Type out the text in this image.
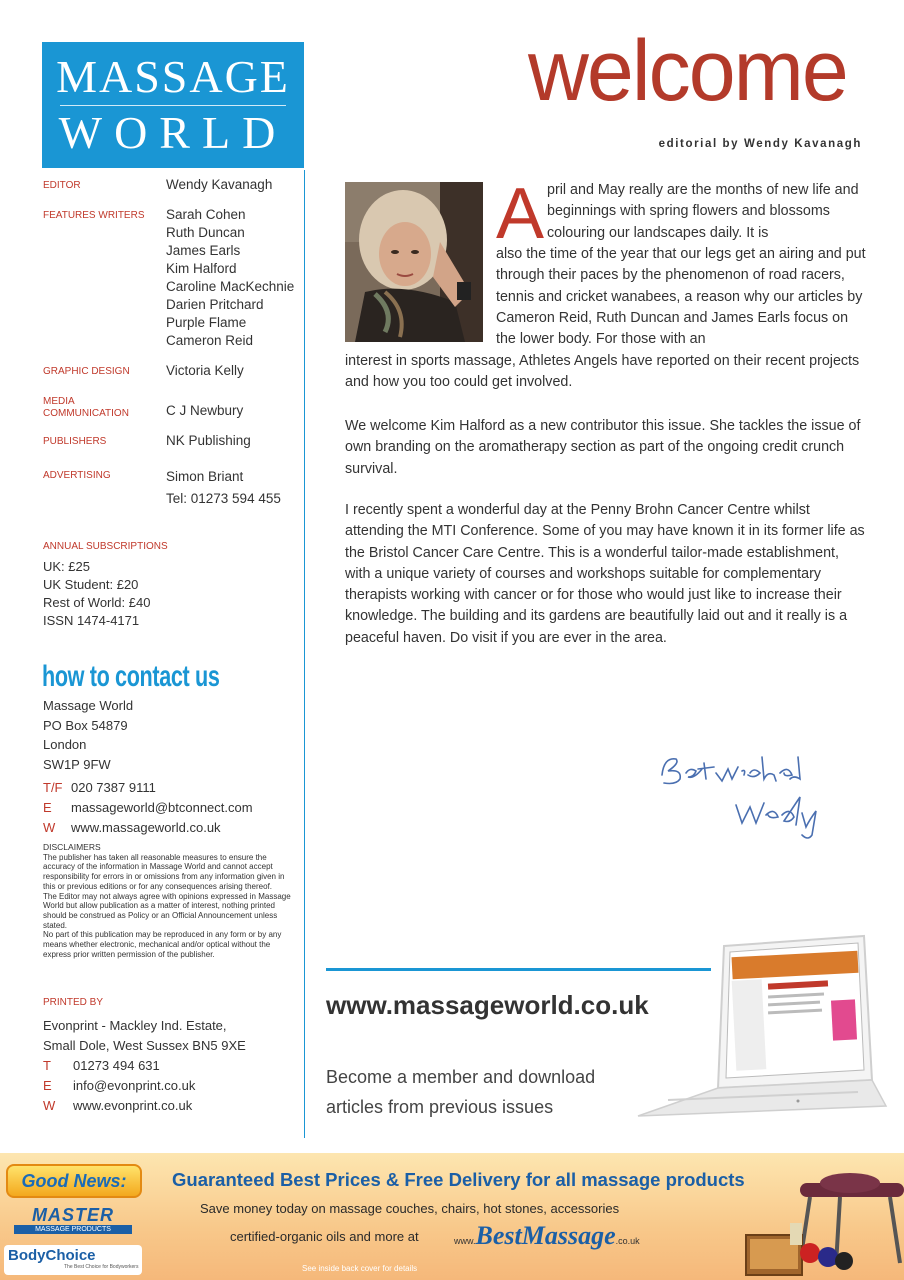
MASSAGE
WORLD
EDITOR	Wendy Kavanagh
FEATURES WRITERS	Sarah Cohen
Ruth Duncan
James Earls
Kim Halford
Caroline MacKechnie
Darien Pritchard
Purple Flame
Cameron Reid
GRAPHIC DESIGN	Victoria Kelly
MEDIA COMMUNICATION	C J Newbury
PUBLISHERS	NK Publishing
ADVERTISING	Simon Briant
Tel: 01273 594 455
ANNUAL SUBSCRIPTIONS
UK: £25
UK Student: £20
Rest of World: £40
ISSN 1474-4171
how to contact us
Massage World
PO Box 54879
London
SW1P 9FW
T/F 020 7387 9111
E massageworld@btconnect.com
W www.massageworld.co.uk
DISCLAIMERS
The publisher has taken all reasonable measures to ensure the accuracy of the information in Massage World and cannot accept responsibility for errors in or omissions from any information given in this or previous editions or for any consequences arising thereof.
The Editor may not always agree with opinions expressed in Massage World but allow publication as a matter of interest, nothing printed should be construed as Policy or an Official Announcement unless stated.
No part of this publication may be reproduced in any form or by any means whether electronic, mechanical and/or optical without the express prior written permission of the publisher.
PRINTED BY
Evonprint - Mackley Ind. Estate,
Small Dole, West Sussex BN5 9XE
T 01273 494 631
E info@evonprint.co.uk
W www.evonprint.co.uk
welcome
editorial by Wendy Kavanagh
A pril and May really are the months of new life and beginnings with spring flowers and blossoms colouring our landscapes daily. It is
also the time of the year that our legs get an airing and put through their paces by the phenomenon of road racers, tennis and cricket wanabees, a reason why our articles by Cameron Reid, Ruth Duncan and James Earls focus on the lower body. For those with an
interest in sports massage, Athletes Angels have reported on their recent projects and how you too could get involved.
We welcome Kim Halford as a new contributor this issue. She tackles the issue of own branding on the aromatherapy section as part of the ongoing credit crunch survival.
I recently spent a wonderful day at the Penny Brohn Cancer Centre whilst attending the MTI Conference. Some of you may have known it in its former life as the Bristol Cancer Care Centre. This is a wonderful tailor-made establishment, with a unique variety of courses and workshops suitable for complementary therapists working with cancer or for those who would just like to increase their knowledge. The building and its gardens are beautifully laid out and it really is a peaceful haven. Do visit if you are ever in the area.
www.massageworld.co.uk
Become a member and download
articles from previous issues
Good News:
MASTER
MASSAGE PRODUCTS
BodyChoice
The Best Choice for Bodyworkers
Guaranteed Best Prices & Free Delivery for all massage products
Save money today on massage couches, chairs, hot stones, accessories
certified-organic oils and more at	www.BestMassage.co.uk
See inside back cover for details
